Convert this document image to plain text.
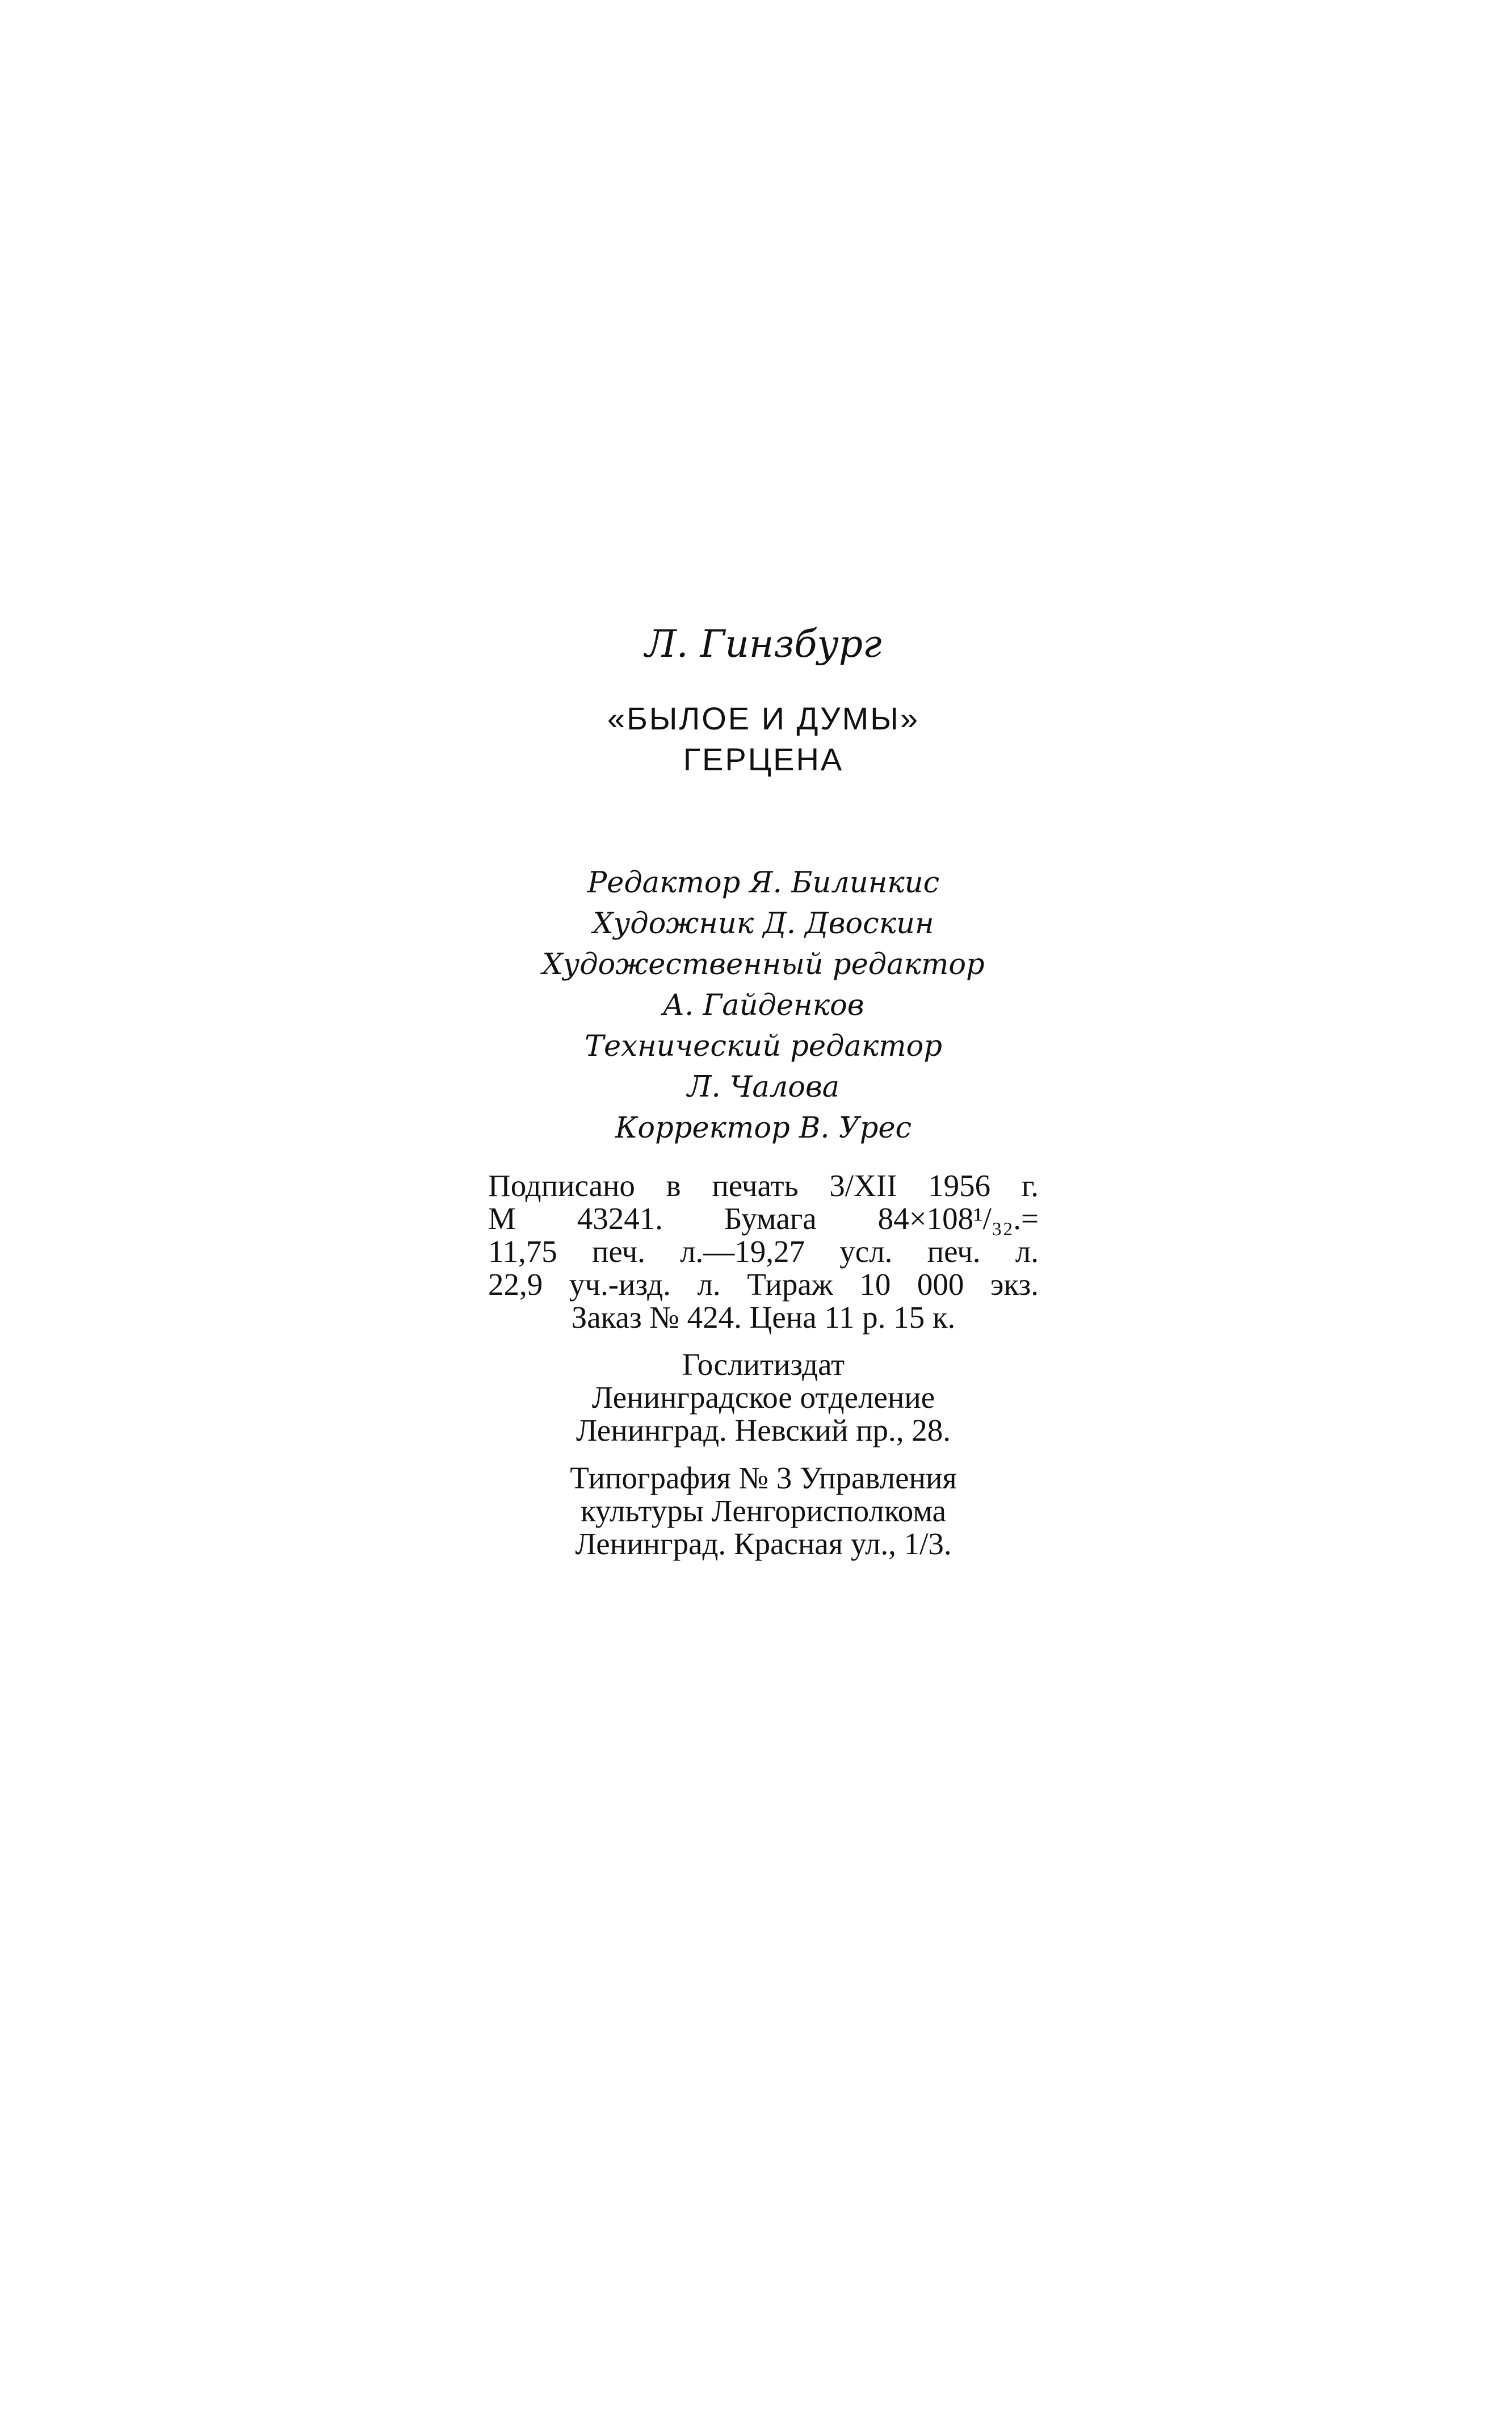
Л. Гинзбург
«БЫЛОЕ И ДУМЫ»
ГЕРЦЕНА
Редактор Я. Билинкис
Художник Д. Двоскин
Художественный редактор
А. Гайденков
Технический редактор
Л. Чалова
Корректор В. Урес
Подписано в печать 3/XII 1956 г.
М 43241. Бумага 84×108¹/₃₂.=
11,75 печ. л.—19,27 усл. печ. л.
22,9 уч.-изд. л. Тираж 10 000 экз.
Заказ № 424. Цена 11 р. 15 к.
Гослитиздат
Ленинградское отделение
Ленинград. Невский пр., 28.
Типография № 3 Управления
культуры Ленгорисполкома
Ленинград. Красная ул., 1/3.
